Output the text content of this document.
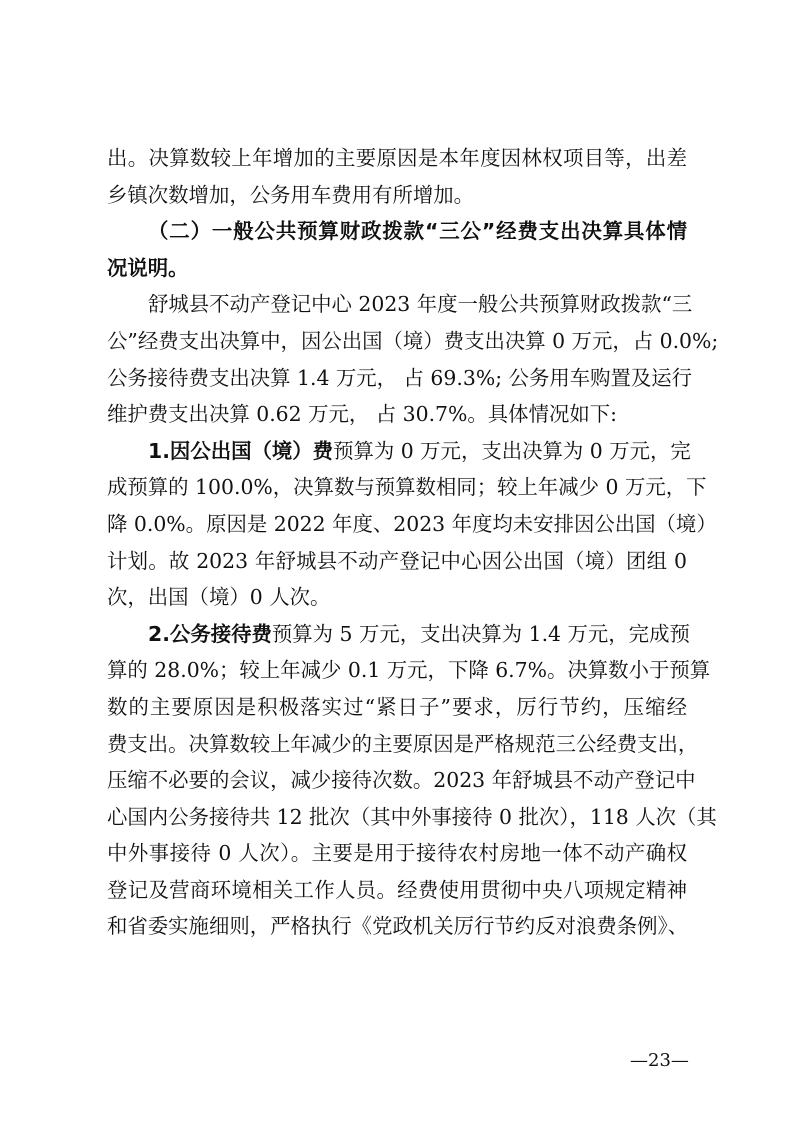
出。决算数较上年增加的主要原因是本年度因林权项目等，出差
乡镇次数增加，公务用车费用有所增加。
（二）一般公共预算财政拨款“三公”经费支出决算具体情
况说明。
舒城县不动产登记中心 2023 年度一般公共预算财政拨款“三
公”经费支出决算中，因公出国（境）费支出决算 0 万元，占 0.0%;
公务接待费支出决算 1.4 万元， 占 69.3%; 公务用车购置及运行
维护费支出决算 0.62 万元， 占 30.7%。具体情况如下:
1.因公出国（境）费预算为 0 万元，支出决算为 0 万元，完
成预算的 100.0%，决算数与预算数相同；较上年减少 0 万元，下
降 0.0%。原因是 2022 年度、2023 年度均未安排因公出国（境）
计划。故 2023 年舒城县不动产登记中心因公出国（境）团组 0
次，出国（境）0 人次。
2.公务接待费预算为 5 万元，支出决算为 1.4 万元，完成预
算的 28.0%；较上年减少 0.1 万元，下降 6.7%。决算数小于预算
数的主要原因是积极落实过“紧日子”要求，厉行节约，压缩经
费支出。决算数较上年减少的主要原因是严格规范三公经费支出，
压缩不必要的会议，减少接待次数。2023 年舒城县不动产登记中
心国内公务接待共 12 批次（其中外事接待 0 批次），118 人次（其
中外事接待 0 人次）。主要是用于接待农村房地一体不动产确权
登记及营商环境相关工作人员。经费使用贯彻中央八项规定精神
和省委实施细则，严格执行《党政机关厉行节约反对浪费条例》、
—23—
